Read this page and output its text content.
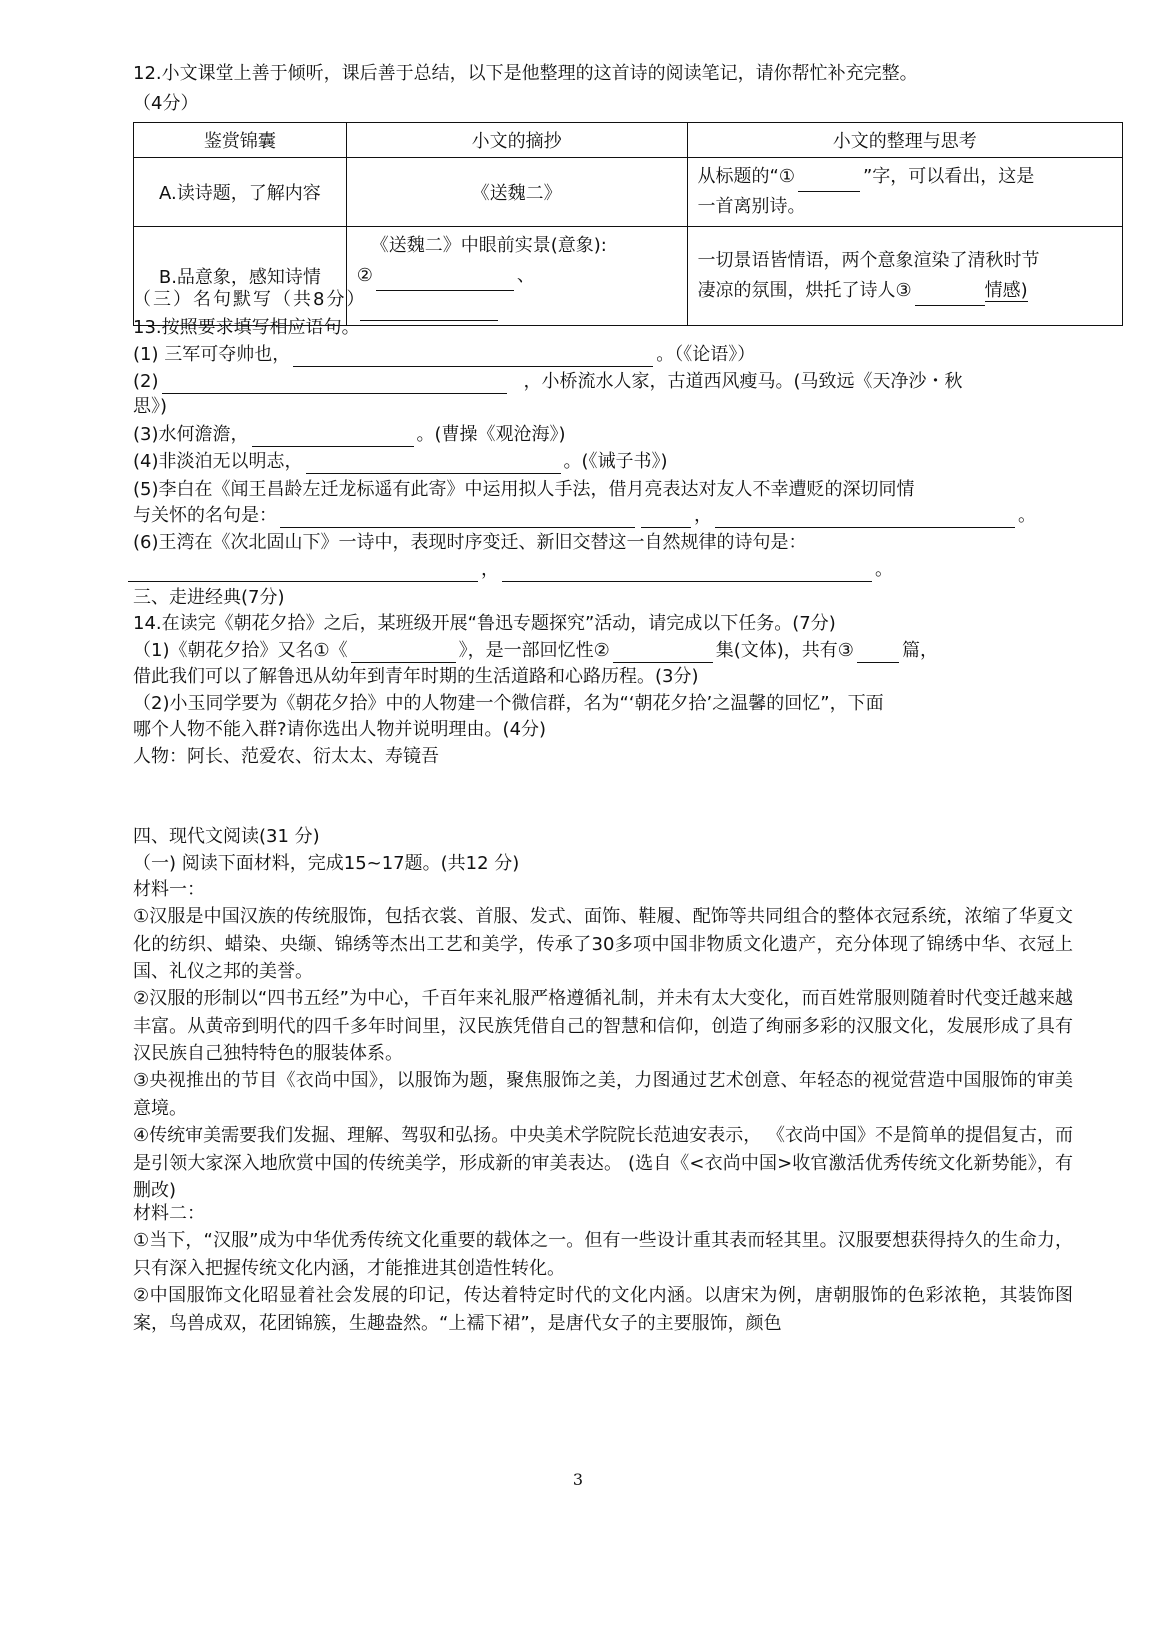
12.小文课堂上善于倾听，课后善于总结，以下是他整理的这首诗的阅读笔记，请你帮忙补充完整。
（4分）
鉴赏锦囊	小文的摘抄	小文的整理与思考
A.读诗题，了解内容	《送魏二》	从标题的“① ”字，可以看出，这是
一首离别诗。
B.品意象，感知诗情	《送魏二》中眼前实景(意象):
② 、	一切景语皆情语，两个意象渲染了清秋时节
凄凉的氛围，烘托了诗人③ 情感)
（三）名句默写（共8分）
13.按照要求填写相应语句。
(1) 三军可夺帅也，	。（《论语》）
(2)	，小桥流水人家，古道西风瘦马。(马致远《天净沙・秋
思》)
(3)水何澹澹，	。(曹操《观沧海》)
(4)非淡泊无以明志，	。(《诫子书》)
(5)李白在《闻王昌龄左迁龙标遥有此寄》中运用拟人手法，借月亮表达对友人不幸遭贬的深切同情
与关怀的名句是：	，	。
(6)王湾在《次北固山下》一诗中，表现时序变迁、新旧交替这一自然规律的诗句是：
，	。
三、走进经典(7分)
14.在读完《朝花夕拾》之后，某班级开展“鲁迅专题探究”活动，请完成以下任务。(7分)
（1)《朝花夕拾》又名①《	》，是一部回忆性②	集(文体)，共有③	篇，
借此我们可以了解鲁迅从幼年到青年时期的生活道路和心路历程。(3分)
（2)小玉同学要为《朝花夕拾》中的人物建一个微信群，名为“‘朝花夕拾’之温馨的回忆”，下面
哪个人物不能入群?请你选出人物并说明理由。(4分)
人物：阿长、范爱农、衍太太、寿镜吾
四、现代文阅读(31 分)
（一) 阅读下面材料，完成15~17题。(共12 分)
材料一：
①汉服是中国汉族的传统服饰，包括衣裳、首服、发式、面饰、鞋履、配饰等共同组合的整体衣冠系统，浓缩了华夏文化的纺织、蜡染、央缬、锦绣等杰出工艺和美学，传承了30多项中国非物质文化遗产，充分体现了锦绣中华、衣冠上国、礼仪之邦的美誉。
②汉服的形制以“四书五经”为中心，千百年来礼服严格遵循礼制，并未有太大变化，而百姓常服则随着时代变迁越来越丰富。从黄帝到明代的四千多年时间里，汉民族凭借自己的智慧和信仰，创造了绚丽多彩的汉服文化，发展形成了具有汉民族自己独特特色的服装体系。
③央视推出的节目《衣尚中国》，以服饰为题，聚焦服饰之美，力图通过艺术创意、年轻态的视觉营造中国服饰的审美意境。
④传统审美需要我们发掘、理解、驾驭和弘扬。中央美术学院院长范迪安表示， 《衣尚中国》不是简单的提倡复古，而是引领大家深入地欣赏中国的传统美学，形成新的审美表达。 (选自《<衣尚中国>收官激活优秀传统文化新势能》，有删改)
材料二：
①当下，“汉服”成为中华优秀传统文化重要的载体之一。但有一些设计重其表而轻其里。汉服要想获得持久的生命力，只有深入把握传统文化内涵，才能推进其创造性转化。
②中国服饰文化昭显着社会发展的印记，传达着特定时代的文化内涵。以唐宋为例，唐朝服饰的色彩浓艳，其装饰图案，鸟兽成双，花团锦簇，生趣盎然。“上襦下裙”，是唐代女子的主要服饰，颜色
3
